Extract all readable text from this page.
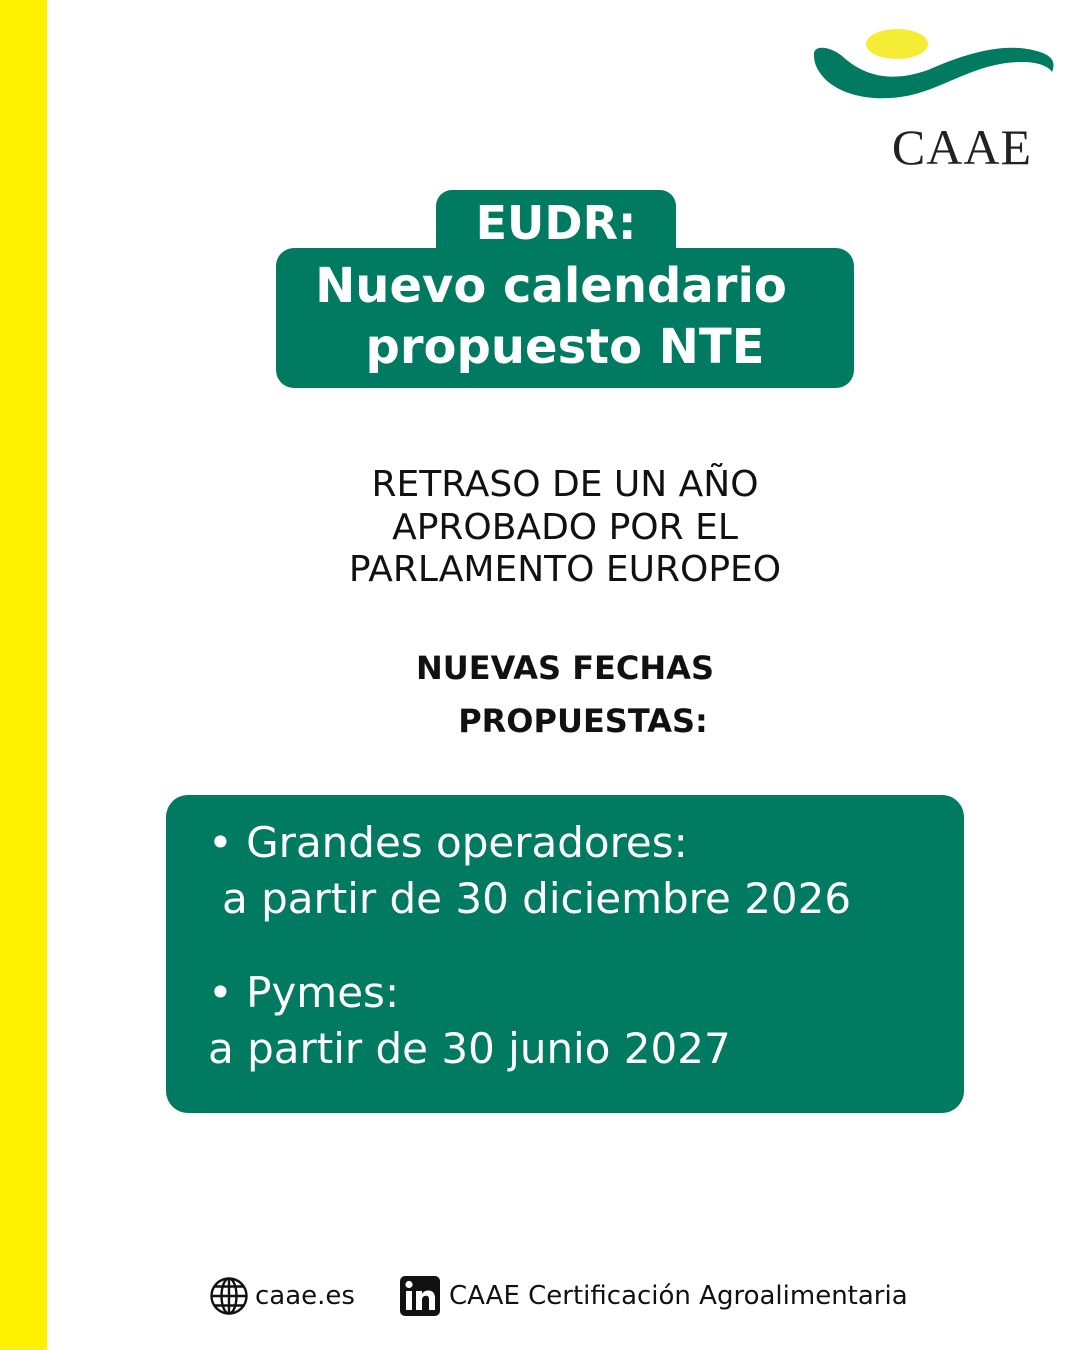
CAAE
EUDR:
Nuevo calendario
propuesto NTE
RETRASO DE UN AÑO
APROBADO POR EL
PARLAMENTO EUROPEO
NUEVAS FECHAS
PROPUESTAS:
• Grandes operadores:
a partir de 30 diciembre 2026
• Pymes:
a partir de 30 junio 2027
caae.es	CAAE Certificación Agroalimentaria
